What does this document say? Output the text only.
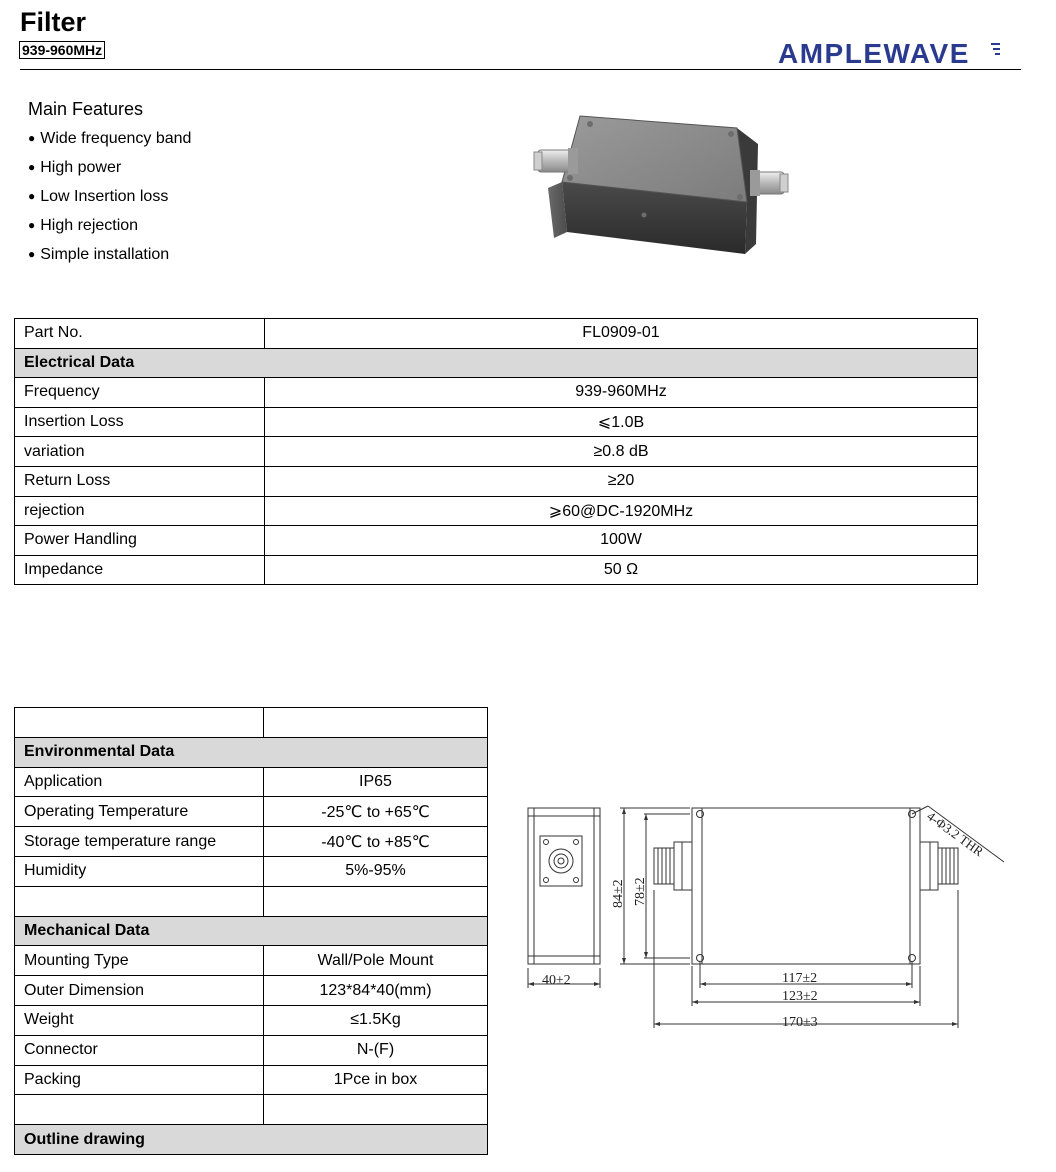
Filter
939-960MHz	AMPLEWAVE
Main Features
● Wide frequency band
● High power
● Low Insertion loss
● High rejection
● Simple installation
Part No.	FL0909-01
Electrical Data	
Frequency	939-960MHz
Insertion Loss	⩽1.0B
variation	≥0.8 dB
Return Loss	≥20
rejection	⩾60@DC-1920MHz
Power Handling	100W
Impedance	50 Ω

Environmental Data	
Application	IP65
Operating Temperature	-25℃ to +65℃
Storage temperature range	-40℃ to +85℃
Humidity	5%-95%

Mechanical Data	
Mounting Type	Wall/Pole Mount
Outer Dimension	123*84*40(mm)
Weight	≤1.5Kg
Connector	N-(F)
Packing	1Pce in box

Outline drawing	
40±2
84±2 78±2
117±2
123±2
170±3
4-Φ3.2 THR
